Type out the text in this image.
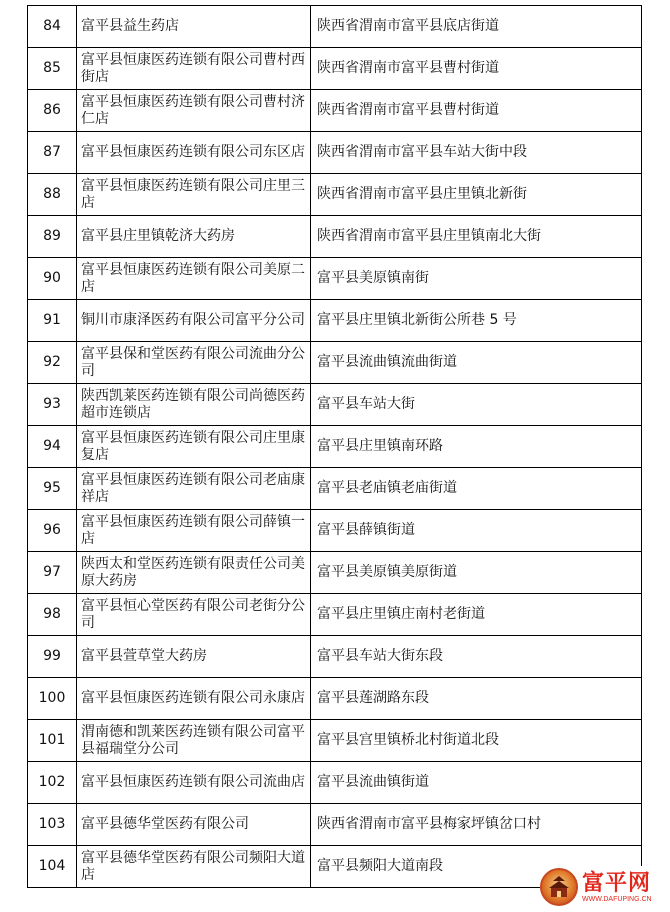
84	富平县益生药店	陕西省渭南市富平县底店街道
85	富平县恒康医药连锁有限公司曹村西街店	陕西省渭南市富平县曹村街道
86	富平县恒康医药连锁有限公司曹村济仁店	陕西省渭南市富平县曹村街道
87	富平县恒康医药连锁有限公司东区店	陕西省渭南市富平县车站大街中段
88	富平县恒康医药连锁有限公司庄里三店	陕西省渭南市富平县庄里镇北新街
89	富平县庄里镇乾济大药房	陕西省渭南市富平县庄里镇南北大街
90	富平县恒康医药连锁有限公司美原二店	富平县美原镇南街
91	铜川市康泽医药有限公司富平分公司	富平县庄里镇北新街公所巷 5 号
92	富平县保和堂医药有限公司流曲分公司	富平县流曲镇流曲街道
93	陕西凯莱医药连锁有限公司尚德医药超市连锁店	富平县车站大街
94	富平县恒康医药连锁有限公司庄里康复店	富平县庄里镇南环路
95	富平县恒康医药连锁有限公司老庙康祥店	富平县老庙镇老庙街道
96	富平县恒康医药连锁有限公司薛镇一店	富平县薛镇街道
97	陕西太和堂医药连锁有限责任公司美原大药房	富平县美原镇美原街道
98	富平县恒心堂医药有限公司老街分公司	富平县庄里镇庄南村老街道
99	富平县萱草堂大药房	富平县车站大街东段
100	富平县恒康医药连锁有限公司永康店	富平县莲湖路东段
101	渭南德和凯莱医药连锁有限公司富平县福瑞堂分公司	富平县宫里镇桥北村街道北段
102	富平县恒康医药连锁有限公司流曲店	富平县流曲镇街道
103	富平县德华堂医药有限公司	陕西省渭南市富平县梅家坪镇岔口村
104	富平县德华堂医药有限公司频阳大道店	富平县频阳大道南段
富平网
WWW.DAFUPING.CN
